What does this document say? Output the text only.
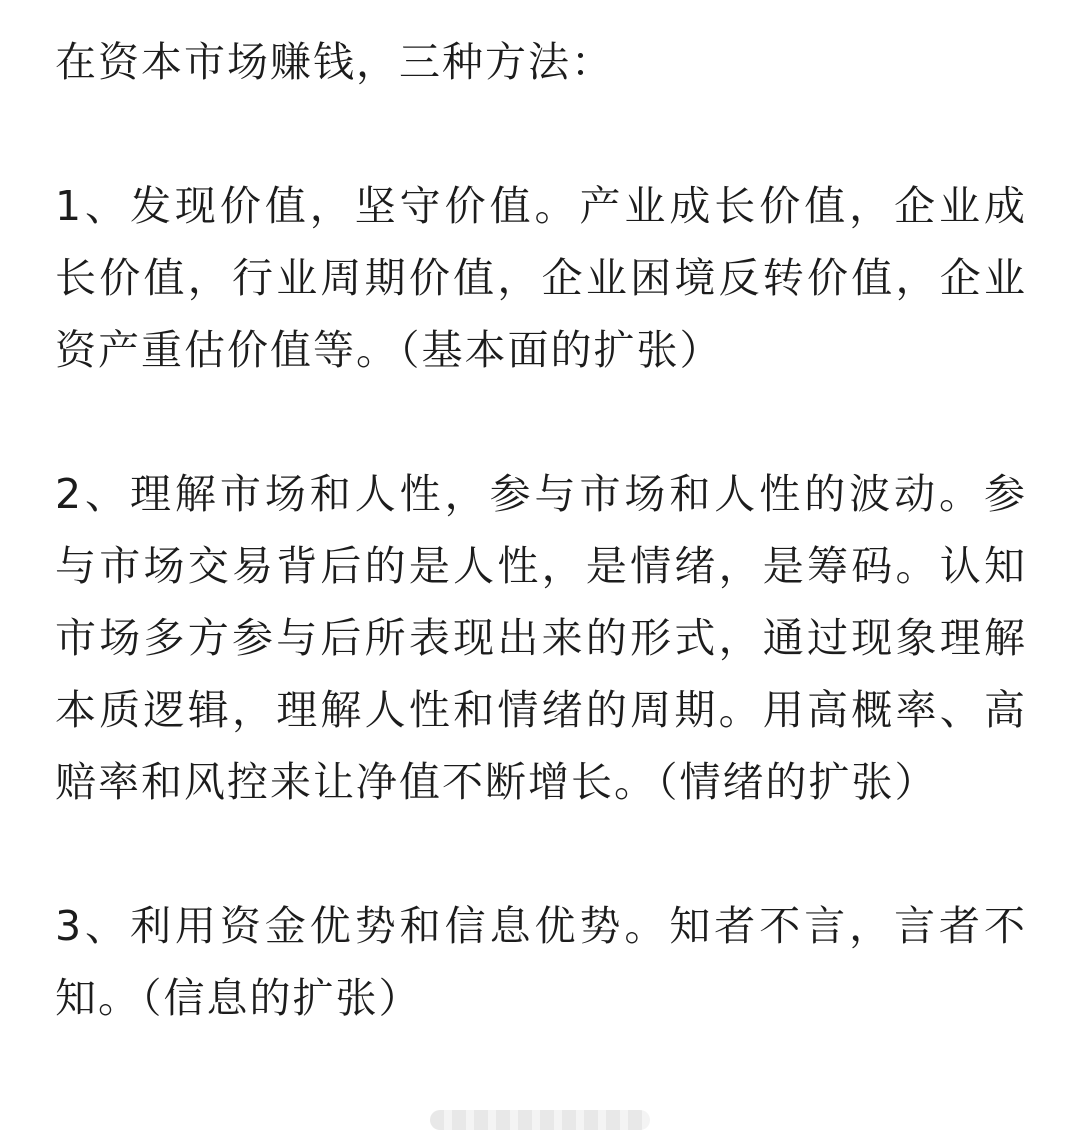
在资本市场赚钱，三种方法：

1、发现价值，坚守价值。产业成长价值，企业成长价值，行业周期价值，企业困境反转价值，企业资产重估价值等。（基本面的扩张）

2、理解市场和人性，参与市场和人性的波动。参与市场交易背后的是人性，是情绪，是筹码。认知市场多方参与后所表现出来的形式，通过现象理解本质逻辑，理解人性和情绪的周期。用高概率、高赔率和风控来让净值不断增长。（情绪的扩张）

3、利用资金优势和信息优势。知者不言，言者不知。（信息的扩张）
